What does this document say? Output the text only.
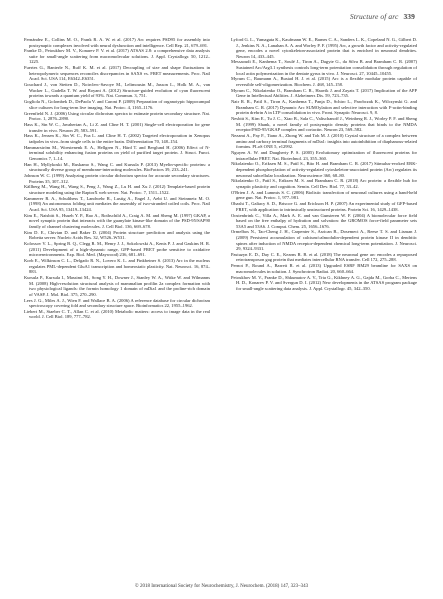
Structure of arc 339

Fernández E., Collins M. O., Frank R. A. W. et al. (2017) Arc requires PSD95 for assembly into postsynaptic complexes involved with neural dysfunction and intelligence. Cell Rep. 21, 679–691.

Franke D., Petoukhov M. V., Konarev P. V. et al. (2017) ATSAS 2.8: a comprehensive data analysis suite for small-angle scattering from macromolecular solutions. J. Appl. Crystallogr. 50, 1212–1225.

Fuertes G., Banterle N., Ruff K. M. et al. (2017) Decoupling of size and shape fluctuations in heteropolymeric sequences reconciles discrepancies in SAXS vs. FRET measurements. Proc. Natl Acad. Sci. USA 114, E6342–E6351.

Gouchard J., von Stetten D., Noirclerc-Savoye M., Lelimousin M., Jasson L., Holk M. A., van Wacker L., Gadella T. W. and Royant A. (2012) Structure-guided evolution of cyan fluorescent proteins towards a quantum yield of 93%. Nat. Commun. 3, 751.

Gogliola N., Golombek D., DePaola V. and Caroni P. (2009) Preparation of organotypic hippocampal slice cultures for long-term live imaging. Nat. Protoc. 4, 1165–1176.

Greenfield N. J. (2006) Using circular dichroism spectra to estimate protein secondary structure. Nat. Protoc. 1, 2876–2890.

Hass K., Sin W. C., Javaherian A., Li Z. and Cline H. T. (2001) Single-cell electroporation for gene transfer in vivo. Neuron 29, 583–591.

Hass K., Jensen K., Sin W. C., Foa L. and Cline H. T. (2002) Targeted electroporation in Xenopus tadpoles in vivo–from single cells to the entire brain. Differentiation 70, 148–154.

Hammarström M., Woestenenk E. A., Hellgren N., Härd T. and Berglund H. (2006) Effect of N-terminal solubility enhancing fusion proteins on yield of purified target protein. J. Struct. Funct. Genomics 7, 1–14.

Han H., Myllykoski M., Ruskamo S., Wang C. and Kursula P. (2013) Myelin-specific proteins: a structurally diverse group of membrane-interacting molecules. BioFactors 39, 233–241.

Johnson W. C. (1999) Analyzing protein circular dichroism spectra for accurate secondary structures. Proteins 35, 307–312.

Källberg M., Wang H., Wang S., Peng J., Wang Z., Lu H. and Xu J. (2012) Template-based protein structure modeling using the RaptorX web server. Nat. Protoc. 7, 1511–1522.

Kammerer R. A., Schulthess T., Landwehr R., Lustig A., Engel J., Aebi U. and Steinmetz M. O. (1998) An autonomous folding unit mediates the assembly of two-stranded coiled coils. Proc. Natl Acad. Sci. USA 95, 13419–13424.

Kim E., Naisbitt S., Hsueh Y. P., Rao A., Rothschild A., Craig A. M. and Sheng M. (1997) GKAP, a novel synaptic protein that interacts with the guanylate kinase-like domain of the PSD-95/SAP90 family of channel clustering molecules. J. Cell Biol. 136, 669–678.

Kim D. E., Chivian D. and Baker D. (2004) Protein structure prediction and analysis using the Robetta server. Nucleic Acids Res. 32, W526–W531.

Kolossov V. L., Spring B. Q., Clegg R. M., Henry J. J., Sokolowski A., Kenis P. J. and Gaskins H. R. (2011) Development of a high-dynamic range, GFP-based FRET probe sensitive to oxidative microenvironments. Exp. Biol. Med. (Maywood) 236, 681–691.

Korb E., Wilkinson C. L., Delgado R. N., Lovero K. L. and Finkbeiner S. (2013) Arc in the nucleus regulates PML-dependent GluA1 transcription and homeostatic plasticity. Nat. Neurosci. 16, 874–883.

Kursula P., Kursula I., Massimi M., Song Y. H., Downer J., Stanley W. A., Witke W. and Wilmanns M. (2008) High-resolution structural analysis of mammalian profilin 2a complex formation with two physiological ligands: the formin homology 1 domain of mDia1 and the proline-rich domain of VASP. J. Mol. Biol. 375, 270–290.

Lees J. G., Miles A. J., Wien F. and Wallace B. A. (2006) A reference database for circular dichroism spectroscopy covering fold and secondary structure space. Bioinformatics 22, 1955–1962.

Liebert M., Staeber C. T., Allan C. et al. (2010) Metabolic matters: access to image data in the real world. J. Cell Biol. 189, 777–782.

Lyford G. L., Yamagata K., Kaufmann W. E., Barnes C. A., Sanders L. K., Copeland N. G., Gilbert D. J., Jenkins N. A., Lanahan A. A. and Worley P. F. (1995) Arc, a growth factor and activity-regulated gene, encodes a novel cytoskeleton-associated protein that is enriched in neuronal dendrites. Neuron 14, 433–445.

Messaoudi E., Kanhema T., Soulé J., Tiron A., Dagyte G., da Silva B. and Bramham C. R. (2007) Sustained Arc/Arg3.1 synthesis controls long-term potentiation consolidation through regulation of local actin polymerization in the dentate gyrus in vivo. J. Neurosci. 27, 10445–10455.

Myrum C., Baumann A., Bustad H. J. et al. (2015) Arc is a flexible modular protein capable of reversible self-oligomerization. Biochem. J. 468, 145–158.

Myrum C., Nikolaienko O., Bramham C. R., Haavik J. and Zayats T. (2017) Implication of the APP Gene in Intellectual Abilities. J. Alzheimers Dis. 59, 723–735.

Nair R. R., Patil S., Tiron A., Kanhema T., Panja D., Schiro L., Parobczak K., Wilczynski G. and Bramham C. R. (2017) Dynamic Arc SUMOylation and selective interaction with F-actin-binding protein drebrin A in LTP consolidation in vivo. Front. Synaptic Neurosci. 9, 8.

Nesbitt S., Kim E., Tu J. C., Xiao B., Sala C., Valtschanoff J., Weinberg R. J., Worley P. F. and Sheng M. (1999) Shank, a novel family of postsynaptic density proteins that binds to the NMDA receptor/PSD-95/GKAP complex and cortactin. Neuron 23, 569–582.

Nezami A., Pay F., Tiano A., Zhong W. and Toh M. J. (2010) Crystal structure of a complex between amino and carboxy terminal fragments of mDia1: insights into autoinhibition of diaphanous-related formins. PLoS ONE 5, e12992.

Nguyen A. W. and Daugherty P. S. (2005) Evolutionary optimization of fluorescent proteins for intracellular FRET. Nat. Biotechnol. 23, 355–360.

Nikolaienko O., Eriksen M. S., Patil S., Bito H. and Bramham C. R. (2017) Stimulus-evoked ERK-dependent phosphorylation of activity-regulated cytoskeleton-associated protein (Arc) regulates its neuronal subcellular localization. Neuroscience 360, 68–80.

Nikolaienko O., Patil S., Eriksen M. S. and Bramham C. R. (2018) Arc protein: a flexible hub for synaptic plasticity and cognition. Semin. Cell Dev. Biol. 77, 33–42.

O'Brien J. A. and Lummis S. C. (2006) Biolistic transfection of neuronal cultures using a hand-held gene gun. Nat. Protoc. 1, 977–981.

Ohashi T., Galiacy S. D., Briscoe G. and Erickson H. P. (2007) An experimental study of GFP-based FRET, with application to intrinsically unstructured proteins. Protein Sci. 16, 1429–1438.

Oostenbrink C., Villa A., Mark A. E. and van Gunsteren W. F. (2004) A biomolecular force field based on the free enthalpy of hydration and solvation: the GROMOS force-field parameter sets 53A5 and 53A6. J. Comput. Chem. 25, 1656–1676.

Ormelbos N., Tao-Cheng J. H., Carpenter S., Asrican B., Dosemeci A., Reese T. S. and Lisman J. (2009) Persistent accumulation of calcium/calmodulin-dependent protein kinase II in dendritic spines after induction of NMDA receptor-dependent chemical long-term potentiation. J. Neurosci. 29, 9324–9331.

Pastuzyn E. D., Day C. E., Kearns R. B. et al. (2018) The neuronal gene arc encodes a repurposed retrotransposon gag protein that mediates intercellular RNA transfer. Cell 172, 275–288.

Pernot P., Round A., Barrett R. et al. (2013) Upgraded ESRF BM29 beamline for SAXS on macromolecules in solution. J. Synchrotron Radiat. 20, 660–664.

Petoukhov M. V., Franke D., Shkumatov A. V., Tria G., Kikhney A. G., Gajda M., Gorba C., Mertens H. D., Konarev P. V. and Svergun D. I. (2012) New developments in the ATSAS program package for small-angle scattering data analysis. J. Appl. Crystallogr. 45, 342–350.

© 2018 International Society for Neurochemistry, J. Neurochem. (2018) 147, 323–343
